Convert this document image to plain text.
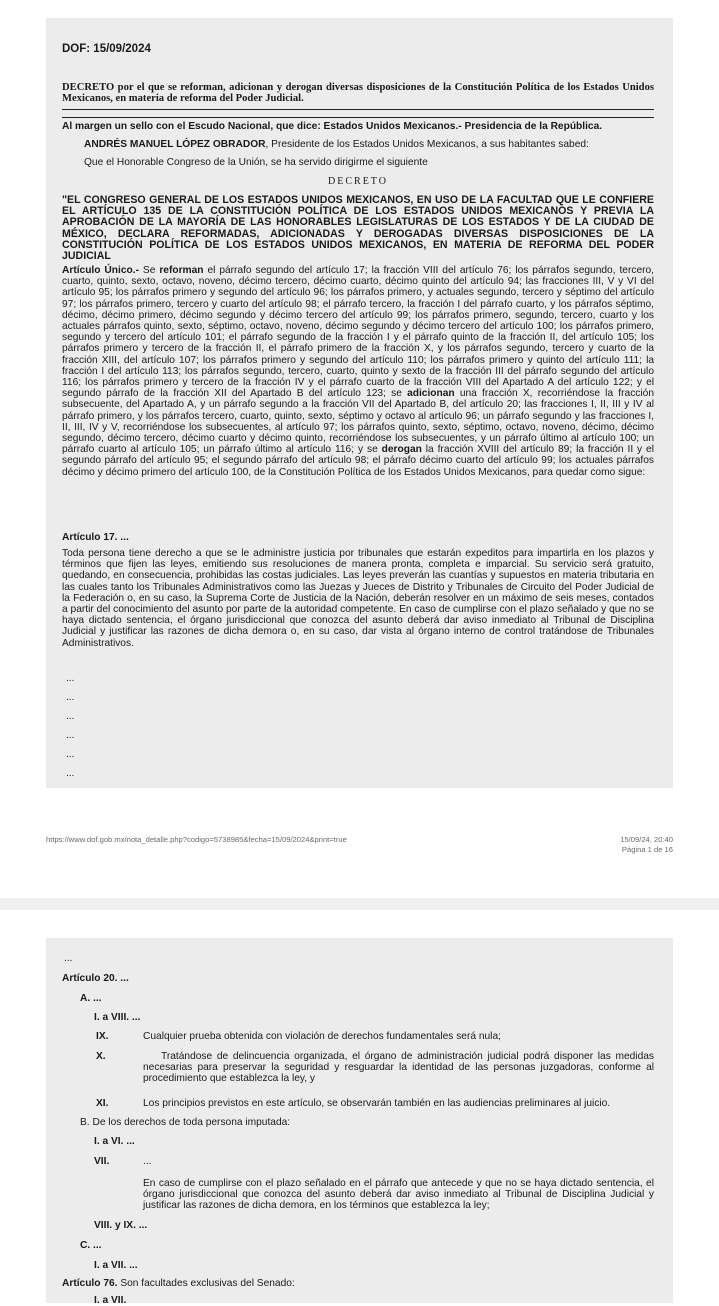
DOF: 15/09/2024
DECRETO por el que se reforman, adicionan y derogan diversas disposiciones de la Constitución Política de los Estados Unidos Mexicanos, en materia de reforma del Poder Judicial.

Al margen un sello con el Escudo Nacional, que dice: Estados Unidos Mexicanos.- Presidencia de la República.

ANDRÉS MANUEL LÓPEZ OBRADOR, Presidente de los Estados Unidos Mexicanos, a sus habitantes sabed:

Que el Honorable Congreso de la Unión, se ha servido dirigirme el siguiente

DECRETO

"EL CONGRESO GENERAL DE LOS ESTADOS UNIDOS MEXICANOS, EN USO DE LA FACULTAD QUE LE CONFIERE EL ARTÍCULO 135 DE LA CONSTITUCIÓN POLÍTICA DE LOS ESTADOS UNIDOS MEXICANOS Y PREVIA LA APROBACIÓN DE LA MAYORÍA DE LAS HONORABLES LEGISLATURAS DE LOS ESTADOS Y DE LA CIUDAD DE MÉXICO, DECLARA REFORMADAS, ADICIONADAS Y DEROGADAS DIVERSAS DISPOSICIONES DE LA CONSTITUCIÓN POLÍTICA DE LOS ESTADOS UNIDOS MEXICANOS, EN MATERIA DE REFORMA DEL PODER JUDICIAL

Artículo Único.- Se reforman el párrafo segundo del artículo 17; la fracción VIII del artículo 76; los párrafos segundo, tercero, cuarto, quinto, sexto, octavo, noveno, décimo tercero, décimo cuarto, décimo quinto del artículo 94; las fracciones III, V y VI del artículo 95; los párrafos primero y segundo del artículo 96; los párrafos primero, y actuales segundo, tercero y séptimo del artículo 97; los párrafos primero, tercero y cuarto del artículo 98; el párrafo tercero, la fracción I del párrafo cuarto, y los párrafos séptimo, décimo, décimo primero, décimo segundo y décimo tercero del artículo 99; los párrafos primero, segundo, tercero, cuarto y los actuales párrafos quinto, sexto, séptimo, octavo, noveno, décimo segundo y décimo tercero del artículo 100; los párrafos primero, segundo y tercero del artículo 101; el párrafo segundo de la fracción I y el párrafo quinto de la fracción II, del artículo 105; los párrafos primero y tercero de la fracción II, el párrafo primero de la fracción X, y los párrafos segundo, tercero y cuarto de la fracción XIII, del artículo 107; los párrafos primero y segundo del artículo 110; los párrafos primero y quinto del artículo 111; la fracción I del artículo 113; los párrafos segundo, tercero, cuarto, quinto y sexto de la fracción III del párrafo segundo del artículo 116; los párrafos primero y tercero de la fracción IV y el párrafo cuarto de la fracción VIII del Apartado A del artículo 122; y el segundo párrafo de la fracción XII del Apartado B del artículo 123; se adicionan una fracción X, recorriéndose la fracción subsecuente, del Apartado A, y un párrafo segundo a la fracción VII del Apartado B, del artículo 20; las fracciones I, II, III y IV al párrafo primero, y los párrafos tercero, cuarto, quinto, sexto, séptimo y octavo al artículo 96; un párrafo segundo y las fracciones I, II, III, IV y V, recorriéndose los subsecuentes, al artículo 97; los párrafos quinto, sexto, séptimo, octavo, noveno, décimo, décimo segundo, décimo tercero, décimo cuarto y décimo quinto, recorriéndose los subsecuentes, y un párrafo último al artículo 100; un párrafo cuarto al artículo 105; un párrafo último al artículo 116; y se derogan la fracción XVIII del artículo 89; la fracción II y el segundo párrafo del artículo 95; el segundo párrafo del artículo 98; el párrafo décimo cuarto del artículo 99; los actuales párrafos décimo y décimo primero del artículo 100, de la Constitución Política de los Estados Unidos Mexicanos, para quedar como sigue:

Artículo 17. ...

Toda persona tiene derecho a que se le administre justicia por tribunales que estarán expeditos para impartirla en los plazos y términos que fijen las leyes, emitiendo sus resoluciones de manera pronta, completa e imparcial. Su servicio será gratuito, quedando, en consecuencia, prohibidas las costas judiciales. Las leyes preverán las cuantías y supuestos en materia tributaria en las cuales tanto los Tribunales Administrativos como las Juezas y Jueces de Distrito y Tribunales de Circuito del Poder Judicial de la Federación o, en su caso, la Suprema Corte de Justicia de la Nación, deberán resolver en un máximo de seis meses, contados a partir del conocimiento del asunto por parte de la autoridad competente. En caso de cumplirse con el plazo señalado y que no se haya dictado sentencia, el órgano jurisdiccional que conozca del asunto deberá dar aviso inmediato al Tribunal de Disciplina Judicial y justificar las razones de dicha demora o, en su caso, dar vista al órgano interno de control tratándose de Tribunales Administrativos.

...
...
...
...
...
...
https://www.dof.gob.mx/nota_detalle.php?codigo=5738985&fecha=15/09/2024&print=true	15/09/24, 20:40
Página 1 de 16
...
Artículo 20. ...
A. ...
I. a VIII. ...
IX.	Cualquier prueba obtenida con violación de derechos fundamentales será nula;
X.	Tratándose de delincuencia organizada, el órgano de administración judicial podrá disponer las medidas necesarias para preservar la seguridad y resguardar la identidad de las personas juzgadoras, conforme al procedimiento que establezca la ley, y
XI.	Los principios previstos en este artículo, se observarán también en las audiencias preliminares al juicio.
B. De los derechos de toda persona imputada:
I. a VI. ...
VII.	...
En caso de cumplirse con el plazo señalado en el párrafo que antecede y que no se haya dictado sentencia, el órgano jurisdiccional que conozca del asunto deberá dar aviso inmediato al Tribunal de Disciplina Judicial y justificar las razones de dicha demora, en los términos que establezca la ley;
VIII. y IX. ...
C. ...
I. a VII. ...
Artículo 76. Son facultades exclusivas del Senado:
I. a VII.
